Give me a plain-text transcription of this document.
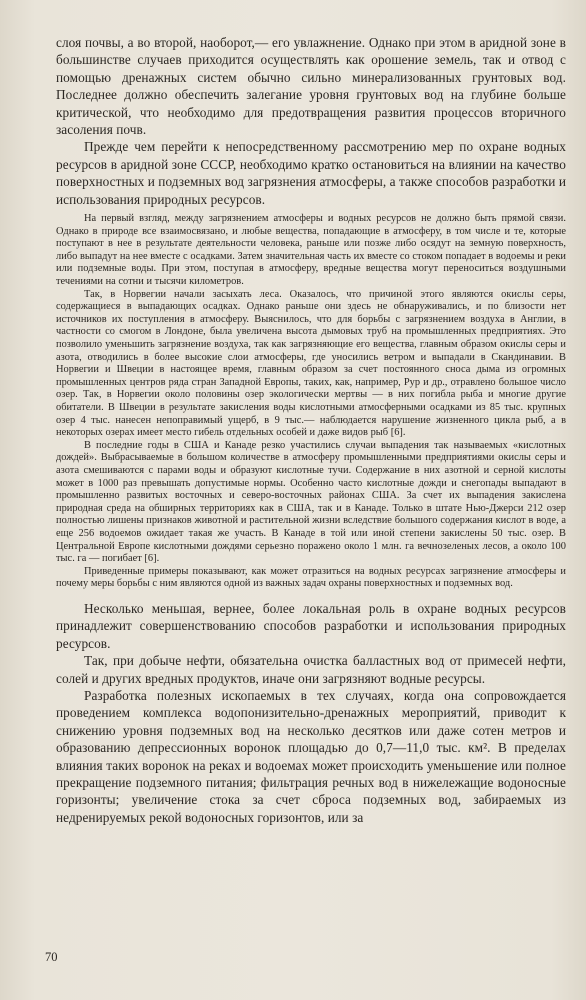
слоя почвы, а во второй, наоборот,— его увлажнение. Однако при этом в аридной зоне в большинстве случаев приходится осуществлять как орошение земель, так и отвод с помощью дренажных систем обычно сильно минерализованных грунтовых вод. Последнее должно обеспечить залегание уровня грунтовых вод на глубине больше критической, что необходимо для предотвращения развития процессов вторичного засоления почв.

Прежде чем перейти к непосредственному рассмотрению мер по охране водных ресурсов в аридной зоне СССР, необходимо кратко остановиться на влиянии на качество поверхностных и подземных вод загрязнения атмосферы, а также способов разработки и использования природных ресурсов.

На первый взгляд, между загрязнением атмосферы и водных ресурсов не должно быть прямой связи. Однако в природе все взаимосвязано, и любые вещества, попадающие в атмосферу, в том числе и те, которые поступают в нее в результате деятельности человека, раньше или позже либо осядут на земную поверхность, либо выпадут на нее вместе с осадками. Затем значительная часть их вместе со стоком попадает в водоемы и реки или подземные воды. При этом, поступая в атмосферу, вредные вещества могут переноситься воздушными течениями на сотни и тысячи километров.

Так, в Норвегии начали засыхать леса. Оказалось, что причиной этого являются окислы серы, содержащиеся в выпадающих осадках. Однако раньше они здесь не обнаруживались, и по близости нет источников их поступления в атмосферу. Выяснилось, что для борьбы с загрязнением воздуха в Англии, в частности со смогом в Лондоне, была увеличена высота дымовых труб на промышленных предприятиях. Это позволило уменьшить загрязнение воздуха, так как загрязняющие его вещества, главным образом окислы серы и азота, отводились в более высокие слои атмосферы, где уносились ветром и выпадали в Скандинавии. В Норвегии и Швеции в настоящее время, главным образом за счет постоянного сноса дыма из огромных промышленных центров ряда стран Западной Европы, таких, как, например, Рур и др., отравлено большое число озер. Так, в Норвегии около половины озер экологически мертвы — в них погибла рыба и многие другие обитатели. В Швеции в результате закисления воды кислотными атмосферными осадками из 85 тыс. крупных озер 4 тыс. нанесен непоправимый ущерб, в 9 тыс.— наблюдается нарушение жизненного цикла рыб, а в некоторых озерах имеет место гибель отдельных особей и даже видов рыб [6].

В последние годы в США и Канаде резко участились случаи выпадения так называемых «кислотных дождей». Выбрасываемые в большом количестве в атмосферу промышленными предприятиями окислы серы и азота смешиваются с парами воды и образуют кислотные тучи. Содержание в них азотной и серной кислоты может в 1000 раз превышать допустимые нормы. Особенно часто кислотные дожди и снегопады выпадают в промышленно развитых восточных и северо-восточных районах США. За счет их выпадения закислена природная среда на обширных территориях как в США, так и в Канаде. Только в штате Нью-Джерси 212 озер полностью лишены признаков животной и растительной жизни вследствие большого содержания кислот в воде, а еще 256 водоемов ожидает такая же участь. В Канаде в той или иной степени закислены 50 тыс. озер. В Центральной Европе кислотными дождями серьезно поражено около 1 млн. га вечнозеленых лесов, а около 100 тыс. га — погибает [6].

Приведенные примеры показывают, как может отразиться на водных ресурсах загрязнение атмосферы и почему меры борьбы с ним являются одной из важных задач охраны поверхностных и подземных вод.

Несколько меньшая, вернее, более локальная роль в охране водных ресурсов принадлежит совершенствованию способов разработки и использования природных ресурсов.

Так, при добыче нефти, обязательна очистка балластных вод от примесей нефти, солей и других вредных продуктов, иначе они загрязняют водные ресурсы.

Разработка полезных ископаемых в тех случаях, когда она сопровождается проведением комплекса водопонизительно-дренажных мероприятий, приводит к снижению уровня подземных вод на несколько десятков или даже сотен метров и образованию депрессионных воронок площадью до 0,7—11,0 тыс. км². В пределах влияния таких воронок на реках и водоемах может происходить уменьшение или полное прекращение подземного питания; фильтрация речных вод в нижележащие водоносные горизонты; увеличение стока за счет сброса подземных вод, забираемых из недренируемых рекой водоносных горизонтов, или за

70
